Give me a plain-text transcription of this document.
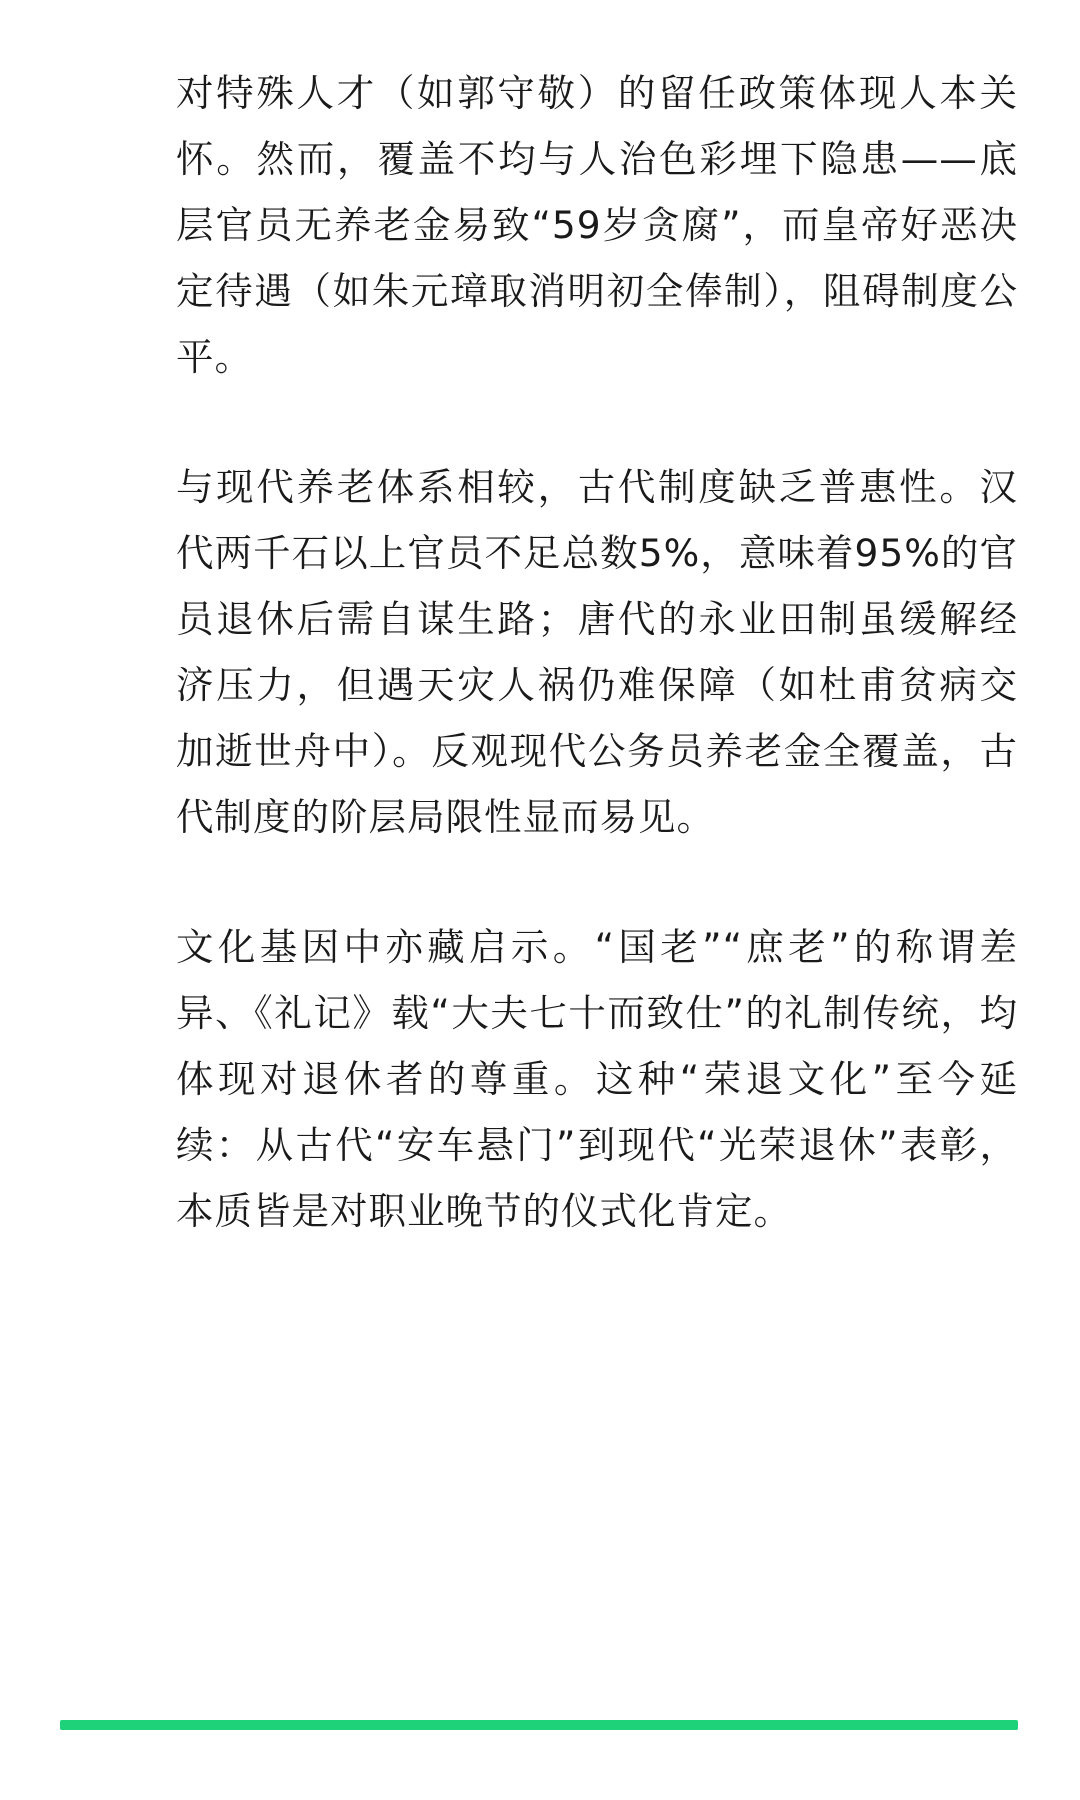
对特殊人才（如郭守敬）的留任政策体现人本关怀。然而，覆盖不均与人治色彩埋下隐患——底层官员无养老金易致“59岁贪腐”，而皇帝好恶决定待遇（如朱元璋取消明初全俸制），阻碍制度公平。

与现代养老体系相较，古代制度缺乏普惠性。汉代两千石以上官员不足总数5%，意味着95%的官员退休后需自谋生路；唐代的永业田制虽缓解经济压力，但遇天灾人祸仍难保障（如杜甫贫病交加逝世舟中）。反观现代公务员养老金全覆盖，古代制度的阶层局限性显而易见。

文化基因中亦藏启示。“国老”“庶老”的称谓差异、《礼记》载“大夫七十而致仕”的礼制传统，均体现对退休者的尊重。这种“荣退文化”至今延续：从古代“安车悬门”到现代“光荣退休”表彰，本质皆是对职业晚节的仪式化肯定。
